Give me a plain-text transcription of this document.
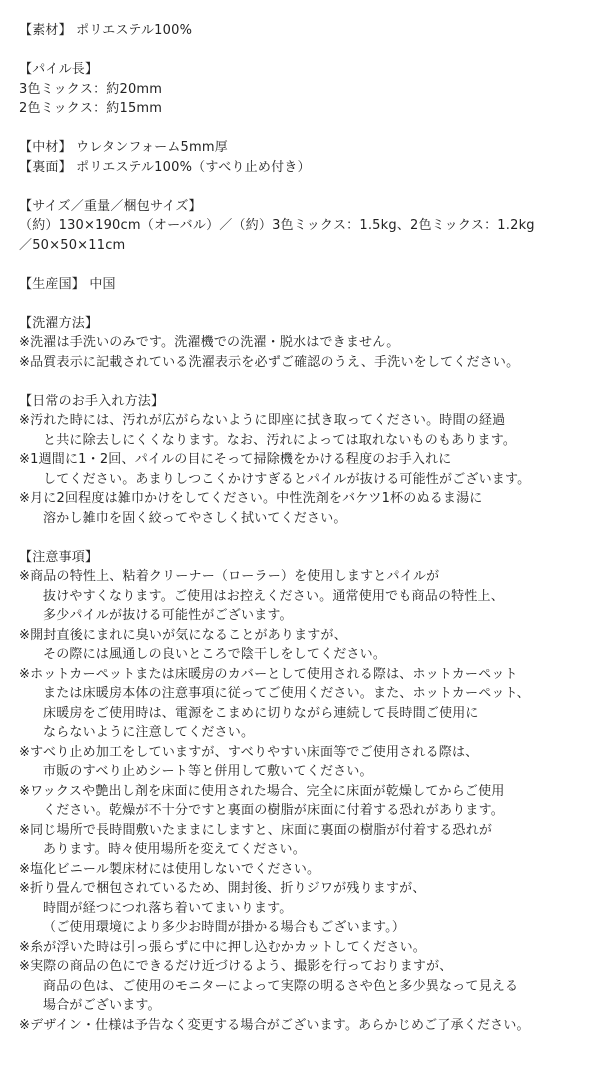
【素材】 ポリエステル100%
【パイル長】
3色ミックス：約20mm
2色ミックス：約15mm
【中材】 ウレタンフォーム5mm厚
【裏面】 ポリエステル100%（すべり止め付き）
【サイズ／重量／梱包サイズ】
（約）130×190cm（オーバル）／（約）3色ミックス：1.5kg、2色ミックス：1.2kg
／50×50×11cm
【生産国】 中国
【洗濯方法】
※洗濯は手洗いのみです。洗濯機での洗濯・脱水はできません。
※品質表示に記載されている洗濯表示を必ずご確認のうえ、手洗いをしてください。
【日常のお手入れ方法】
※汚れた時には、汚れが広がらないように即座に拭き取ってください。時間の経過
と共に除去しにくくなります。なお、汚れによっては取れないものもあります。
※1週間に1・2回、パイルの目にそって掃除機をかける程度のお手入れに
してください。あまりしつこくかけすぎるとパイルが抜ける可能性がございます。
※月に2回程度は雑巾かけをしてください。中性洗剤をバケツ1杯のぬるま湯に
溶かし雑巾を固く絞ってやさしく拭いてください。
【注意事項】
※商品の特性上、粘着クリーナー（ローラー）を使用しますとパイルが
抜けやすくなります。ご使用はお控えください。通常使用でも商品の特性上、
多少パイルが抜ける可能性がございます。
※開封直後にまれに臭いが気になることがありますが、
その際には風通しの良いところで陰干しをしてください。
※ホットカーペットまたは床暖房のカバーとして使用される際は、ホットカーペット
または床暖房本体の注意事項に従ってご使用ください。また、ホットカーペット、
床暖房をご使用時は、電源をこまめに切りながら連続して長時間ご使用に
ならないように注意してください。
※すべり止め加工をしていますが、すべりやすい床面等でご使用される際は、
市販のすべり止めシート等と併用して敷いてください。
※ワックスや艶出し剤を床面に使用された場合、完全に床面が乾燥してからご使用
ください。乾燥が不十分ですと裏面の樹脂が床面に付着する恐れがあります。
※同じ場所で長時間敷いたままにしますと、床面に裏面の樹脂が付着する恐れが
あります。時々使用場所を変えてください。
※塩化ビニール製床材には使用しないでください。
※折り畳んで梱包されているため、開封後、折りジワが残りますが、
時間が経つにつれ落ち着いてまいります。
（ご使用環境により多少お時間が掛かる場合もございます。）
※糸が浮いた時は引っ張らずに中に押し込むかカットしてください。
※実際の商品の色にできるだけ近づけるよう、撮影を行っておりますが、
商品の色は、ご使用のモニターによって実際の明るさや色と多少異なって見える
場合がございます。
※デザイン・仕様は予告なく変更する場合がございます。あらかじめご了承ください。
